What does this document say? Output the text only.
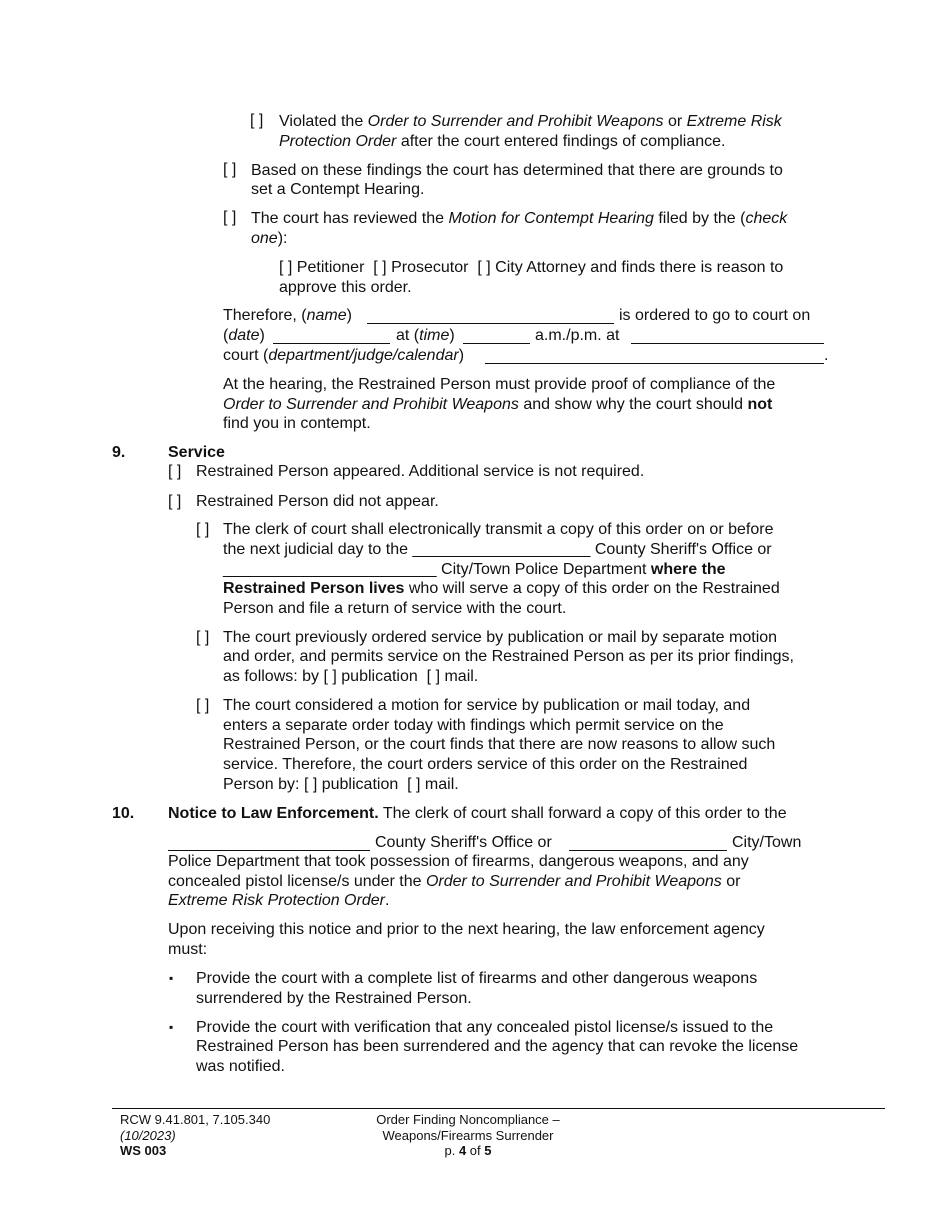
[ ] Violated the Order to Surrender and Prohibit Weapons or Extreme Risk
Protection Order after the court entered findings of compliance.
[ ] Based on these findings the court has determined that there are grounds to
set a Contempt Hearing.
[ ] The court has reviewed the Motion for Contempt Hearing filed by the (check
one):
[ ] Petitioner [ ] Prosecutor [ ] City Attorney and finds there is reason to
approve this order.
Therefore, (name)	is ordered to go to court on
(date)	at (time)	a.m./p.m. at
court (department/judge/calendar)	.
At the hearing, the Restrained Person must provide proof of compliance of the
Order to Surrender and Prohibit Weapons and show why the court should not
find you in contempt.
9.	Service
[ ] Restrained Person appeared. Additional service is not required.
[ ] Restrained Person did not appear.
[ ] The clerk of court shall electronically transmit a copy of this order on or before
the next judicial day to the ____________________ County Sheriff's Office or
________________________ City/Town Police Department where the
Restrained Person lives who will serve a copy of this order on the Restrained
Person and file a return of service with the court.
[ ] The court previously ordered service by publication or mail by separate motion
and order, and permits service on the Restrained Person as per its prior findings,
as follows: by [ ] publication [ ] mail.
[ ] The court considered a motion for service by publication or mail today, and
enters a separate order today with findings which permit service on the
Restrained Person, or the court finds that there are now reasons to allow such
service. Therefore, the court orders service of this order on the Restrained
Person by: [ ] publication [ ] mail.
10. Notice to Law Enforcement. The clerk of court shall forward a copy of this order to the
County Sheriff's Office or	City/Town
Police Department that took possession of firearms, dangerous weapons, and any
concealed pistol license/s under the Order to Surrender and Prohibit Weapons or
Extreme Risk Protection Order.
Upon receiving this notice and prior to the next hearing, the law enforcement agency
must:
▪ Provide the court with a complete list of firearms and other dangerous weapons
surrendered by the Restrained Person.
▪ Provide the court with verification that any concealed pistol license/s issued to the
Restrained Person has been surrendered and the agency that can revoke the license
was notified.
RCW 9.41.801, 7.105.340
(10/2023)
WS 003
Order Finding Noncompliance –
Weapons/Firearms Surrender
p. 4 of 5
